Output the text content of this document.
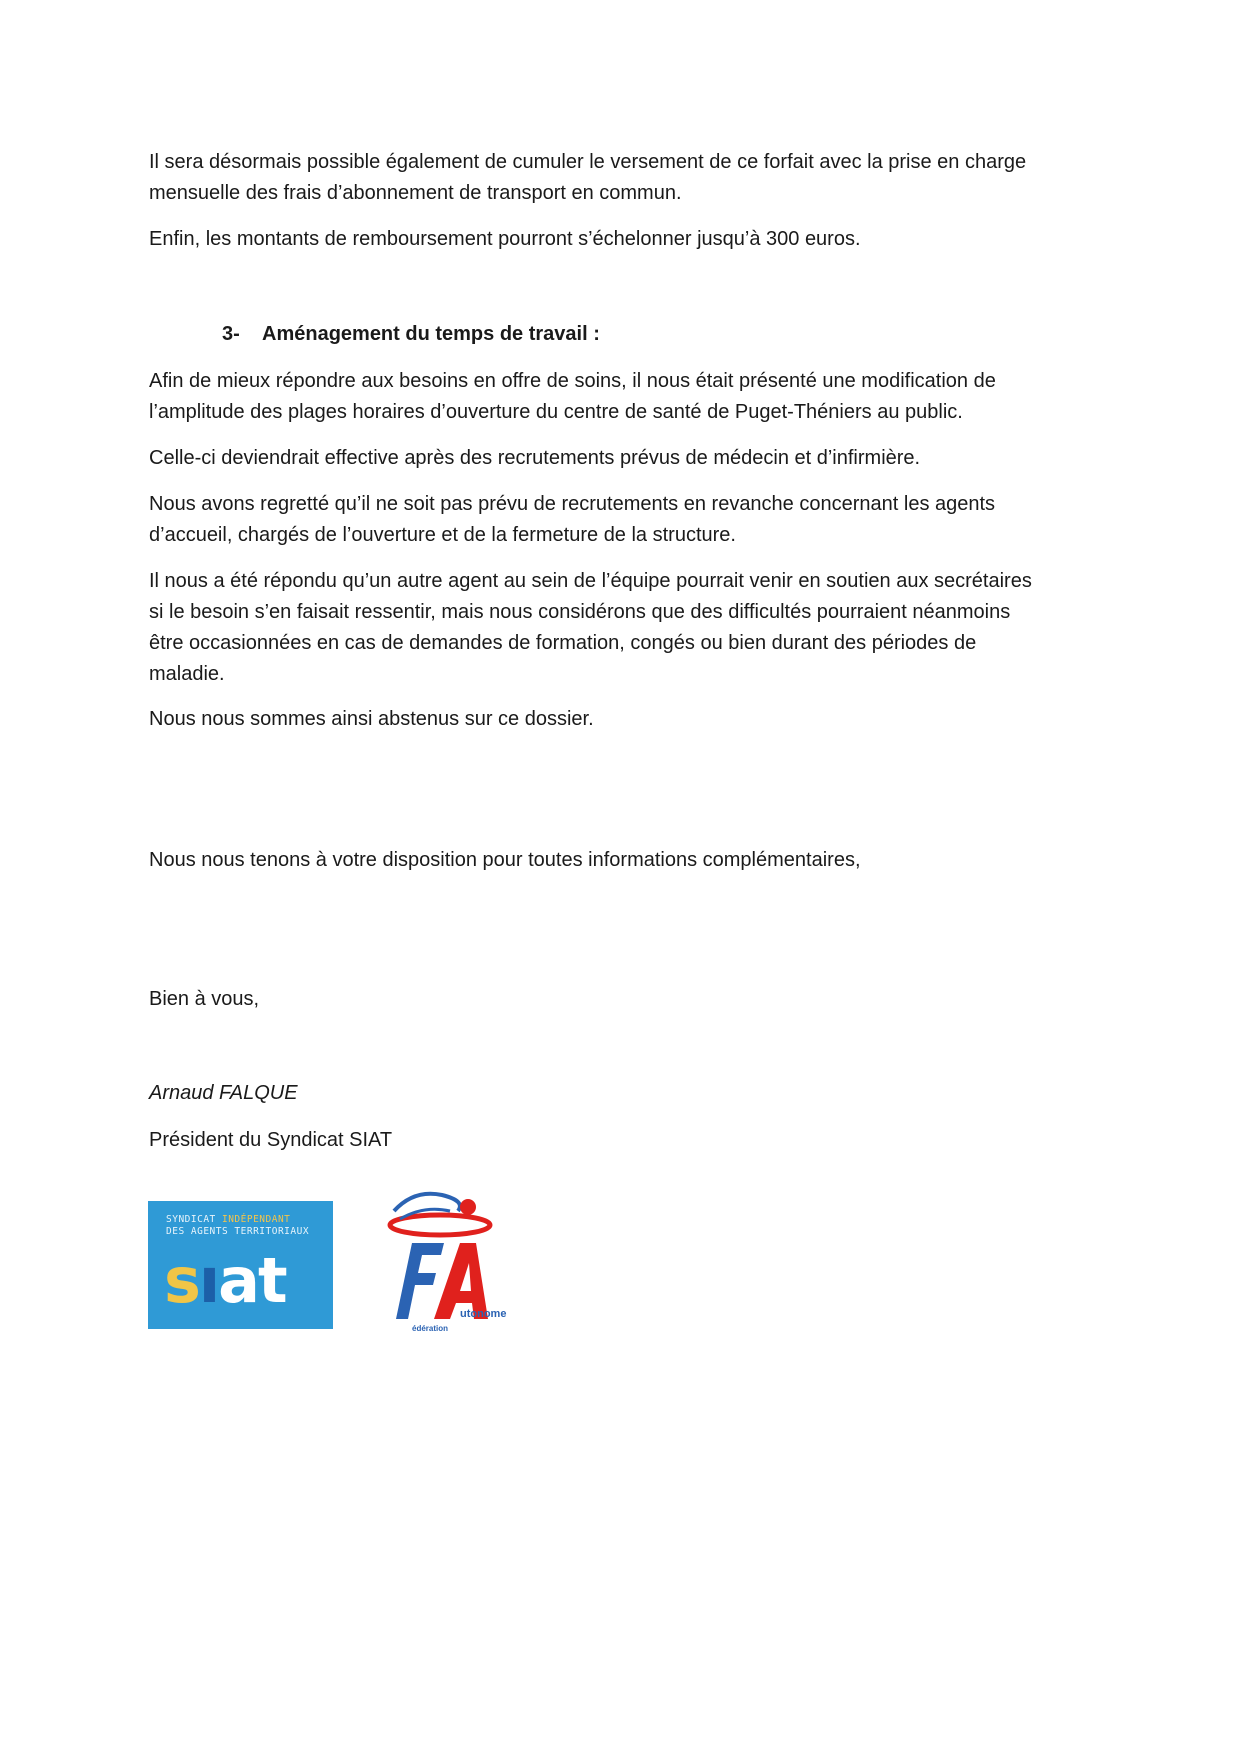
Il sera désormais possible également de cumuler le versement de ce forfait avec la prise en charge
mensuelle des frais d’abonnement de transport en commun.

Enfin, les montants de remboursement pourront s’échelonner jusqu’à 300 euros.

3- Aménagement du temps de travail :

Afin de mieux répondre aux besoins en offre de soins, il nous était présenté une modification de
l’amplitude des plages horaires d’ouverture du centre de santé de Puget-Théniers au public.

Celle-ci deviendrait effective après des recrutements prévus de médecin et d’infirmière.

Nous avons regretté qu’il ne soit pas prévu de recrutements en revanche concernant les agents
d’accueil, chargés de l’ouverture et de la fermeture de la structure.

Il nous a été répondu qu’un autre agent au sein de l’équipe pourrait venir en soutien aux secrétaires
si le besoin s’en faisait ressentir, mais nous considérons que des difficultés pourraient néanmoins
être occasionnées en cas de demandes de formation, congés ou bien durant des périodes de
maladie.

Nous nous sommes ainsi abstenus sur ce dossier.

Nous nous tenons à votre disposition pour toutes informations complémentaires,

Bien à vous,

Arnaud FALQUE

Président du Syndicat SIAT

SYNDICAT INDÉPENDANT
DES AGENTS TERRITORIAUX
sıat	utonome
édération
